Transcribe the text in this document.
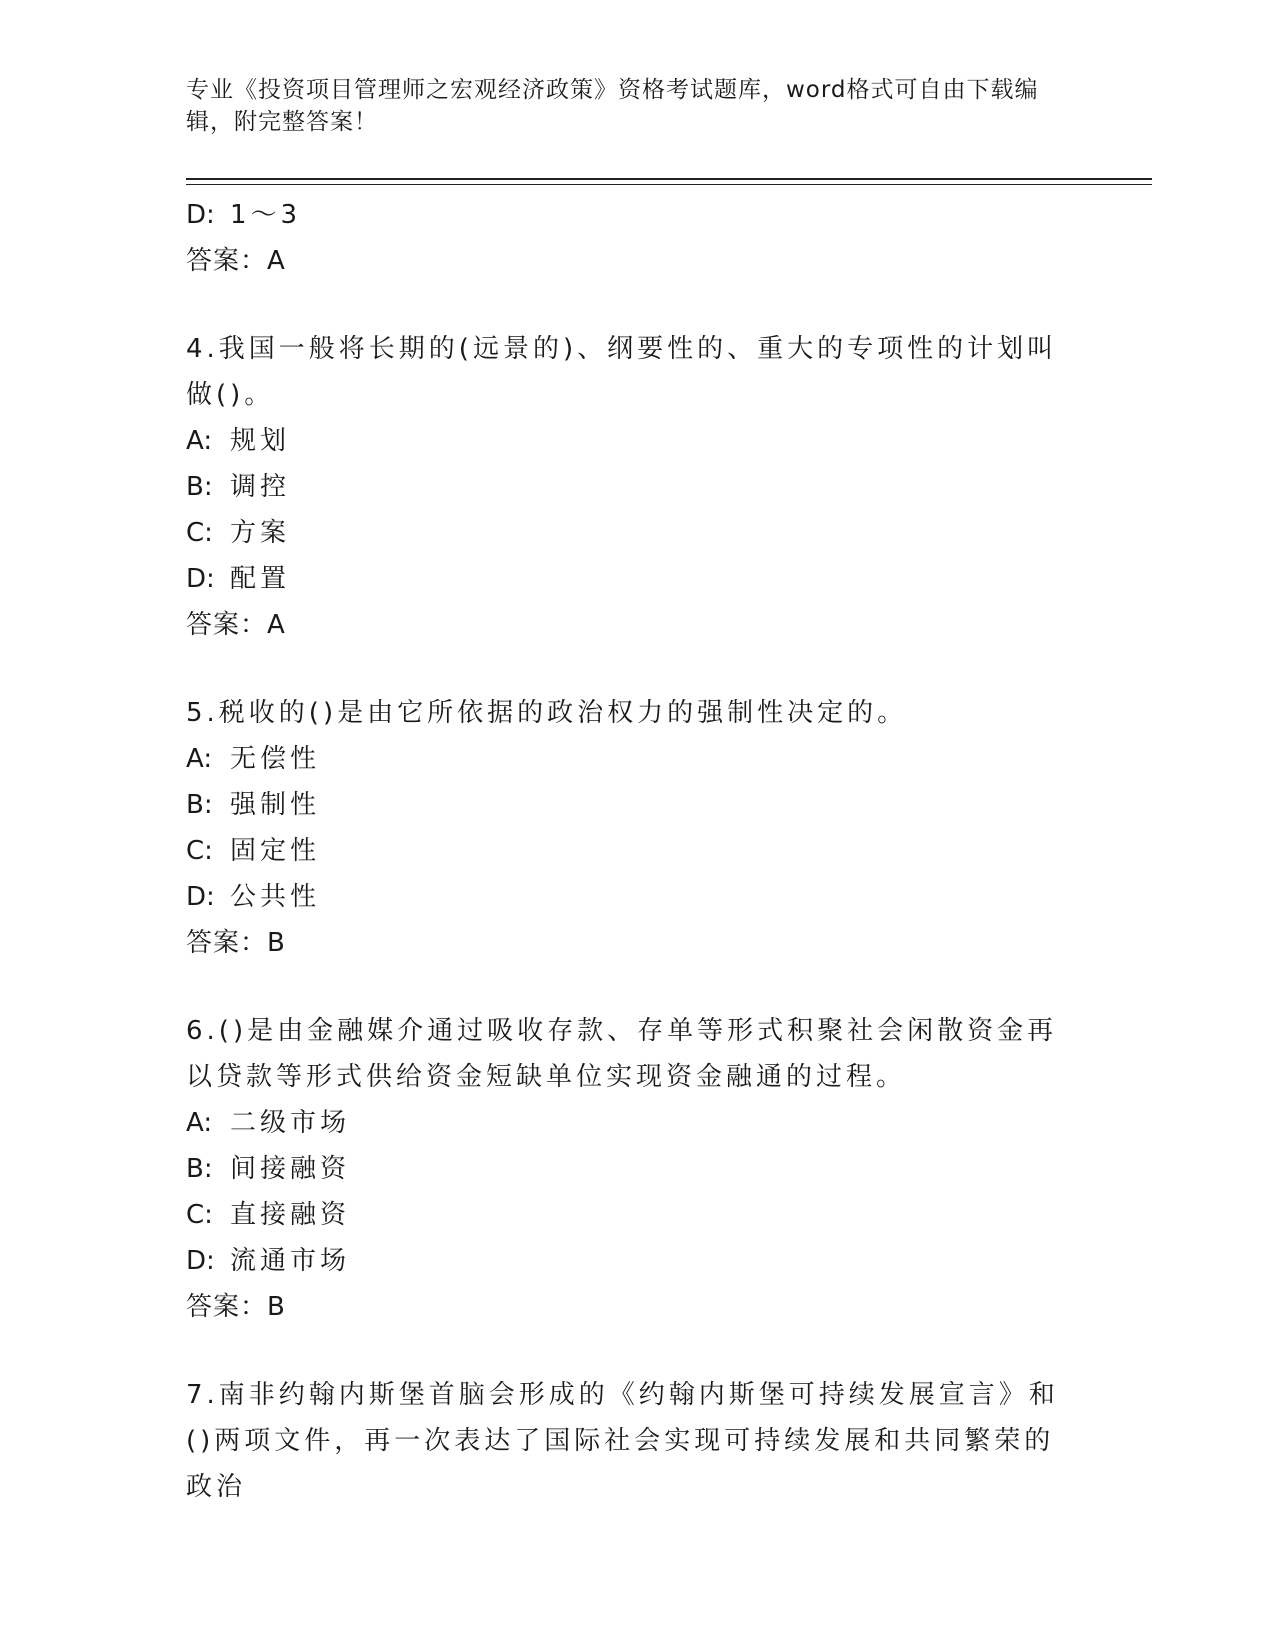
专业《投资项目管理师之宏观经济政策》资格考试题库，word格式可自由下载编辑，附完整答案！
D: 1～3
答案：A
4.我国一般将长期的(远景的)、纲要性的、重大的专项性的计划叫做()。
A: 规划
B: 调控
C: 方案
D: 配置
答案：A
5.税收的()是由它所依据的政治权力的强制性决定的。
A: 无偿性
B: 强制性
C: 固定性
D: 公共性
答案：B
6.()是由金融媒介通过吸收存款、存单等形式积聚社会闲散资金再以贷款等形式供给资金短缺单位实现资金融通的过程。
A: 二级市场
B: 间接融资
C: 直接融资
D: 流通市场
答案：B
7.南非约翰内斯堡首脑会形成的《约翰内斯堡可持续发展宣言》和()两项文件，再一次表达了国际社会实现可持续发展和共同繁荣的政治
